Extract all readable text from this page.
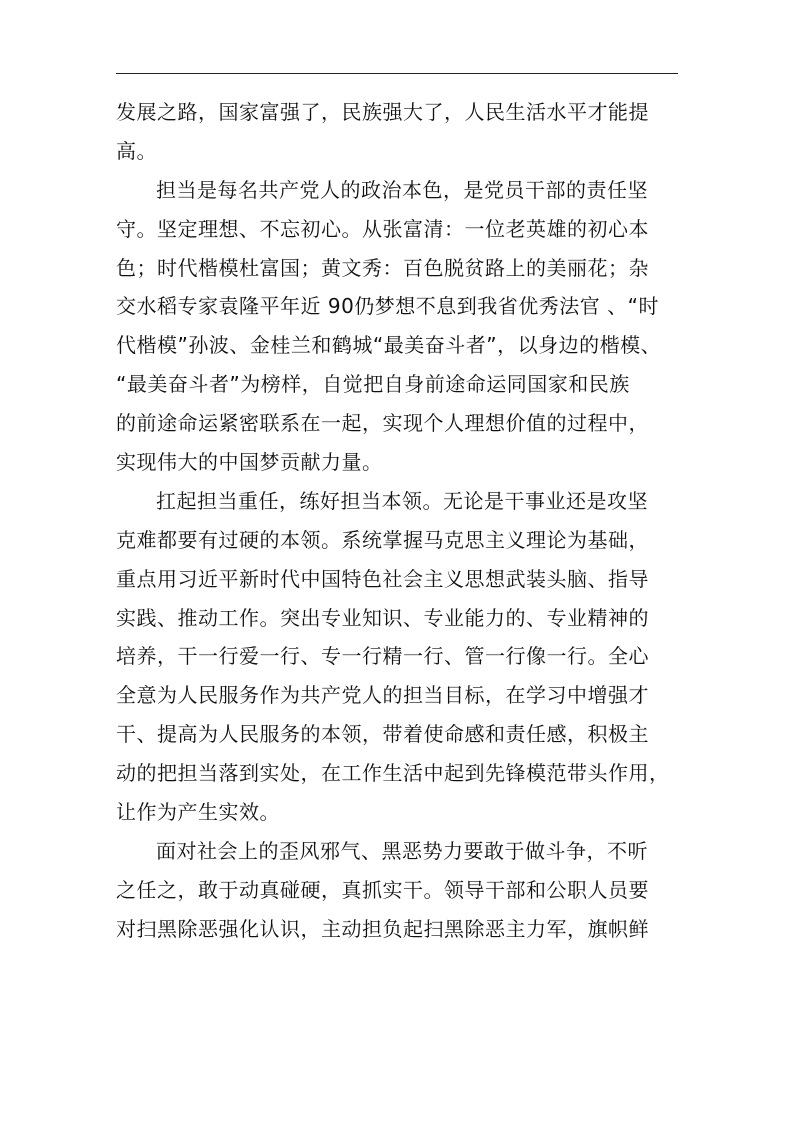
发展之路，国家富强了，民族强大了，人民生活水平才能提
高。
担当是每名共产党人的政治本色，是党员干部的责任坚
守。坚定理想、不忘初心。从张富清：一位老英雄的初心本
色；时代楷模杜富国；黄文秀：百色脱贫路上的美丽花；杂
交水稻专家袁隆平年近 90仍梦想不息到我省优秀法官 、“时
代楷模”孙波、金桂兰和鹤城“最美奋斗者”，以身边的楷模、
“最美奋斗者”为榜样，自觉把自身前途命运同国家和民族
的前途命运紧密联系在一起，实现个人理想价值的过程中，
实现伟大的中国梦贡献力量。
扛起担当重任，练好担当本领。无论是干事业还是攻坚
克难都要有过硬的本领。系统掌握马克思主义理论为基础，
重点用习近平新时代中国特色社会主义思想武装头脑、指导
实践、推动工作。突出专业知识、专业能力的、专业精神的
培养，干一行爱一行、专一行精一行、管一行像一行。全心
全意为人民服务作为共产党人的担当目标，在学习中增强才
干、提高为人民服务的本领，带着使命感和责任感，积极主
动的把担当落到实处，在工作生活中起到先锋模范带头作用，
让作为产生实效。
面对社会上的歪风邪气、黑恶势力要敢于做斗争，不听
之任之，敢于动真碰硬，真抓实干。领导干部和公职人员要
对扫黑除恶强化认识，主动担负起扫黑除恶主力军，旗帜鲜
